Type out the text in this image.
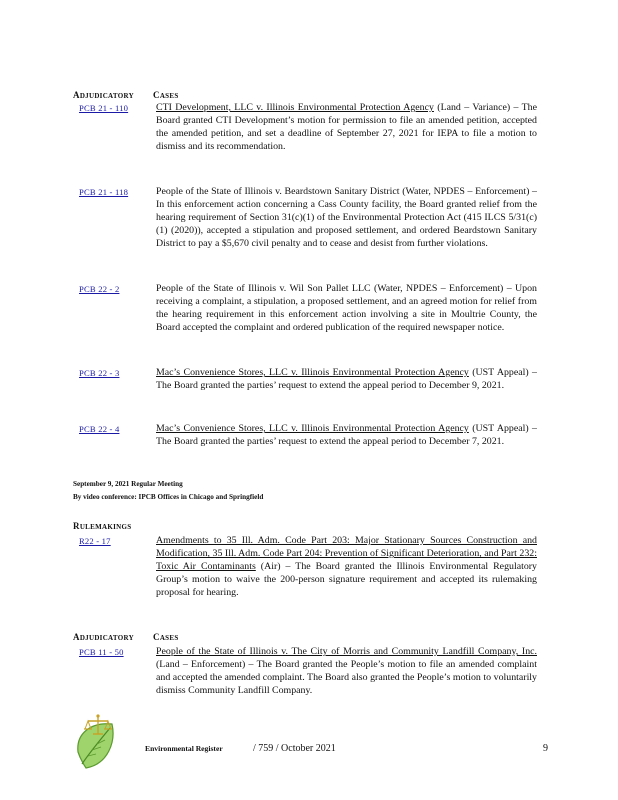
ADJUDICATORY CASES
PCB 21 - 110	CTI Development, LLC v. Illinois Environmental Protection Agency (Land – Variance) – The Board granted CTI Development’s motion for permission to file an amended petition, accepted the amended petition, and set a deadline of September 27, 2021 for IEPA to file a motion to dismiss and its recommendation.
PCB 21 - 118	People of the State of Illinois v. Beardstown Sanitary District (Water, NPDES – Enforcement) – In this enforcement action concerning a Cass County facility, the Board granted relief from the hearing requirement of Section 31(c)(1) of the Environmental Protection Act (415 ILCS 5/31(c)(1) (2020)), accepted a stipulation and proposed settlement, and ordered Beardstown Sanitary District to pay a $5,670 civil penalty and to cease and desist from further violations.
PCB 22 - 2	People of the State of Illinois v. Wil Son Pallet LLC (Water, NPDES – Enforcement) – Upon receiving a complaint, a stipulation, a proposed settlement, and an agreed motion for relief from the hearing requirement in this enforcement action involving a site in Moultrie County, the Board accepted the complaint and ordered publication of the required newspaper notice.
PCB 22 - 3	Mac’s Convenience Stores, LLC v. Illinois Environmental Protection Agency (UST Appeal) – The Board granted the parties’ request to extend the appeal period to December 9, 2021.
PCB 22 - 4	Mac’s Convenience Stores, LLC v. Illinois Environmental Protection Agency (UST Appeal) – The Board granted the parties’ request to extend the appeal period to December 7, 2021.
September 9, 2021 Regular Meeting
By video conference: IPCB Offices in Chicago and Springfield
RULEMAKINGS
R22 - 17	Amendments to 35 Ill. Adm. Code Part 203: Major Stationary Sources Construction and Modification, 35 Ill. Adm. Code Part 204: Prevention of Significant Deterioration, and Part 232: Toxic Air Contaminants (Air) – The Board granted the Illinois Environmental Regulatory Group’s motion to waive the 200-person signature requirement and accepted its rulemaking proposal for hearing.
ADJUDICATORY CASES
PCB 11 - 50	People of the State of Illinois v. The City of Morris and Community Landfill Company, Inc. (Land – Enforcement) – The Board granted the People’s motion to file an amended complaint and accepted the amended complaint. The Board also granted the People’s motion to voluntarily dismiss Community Landfill Company.
Environmental Register	/ 759 / October 2021	9
